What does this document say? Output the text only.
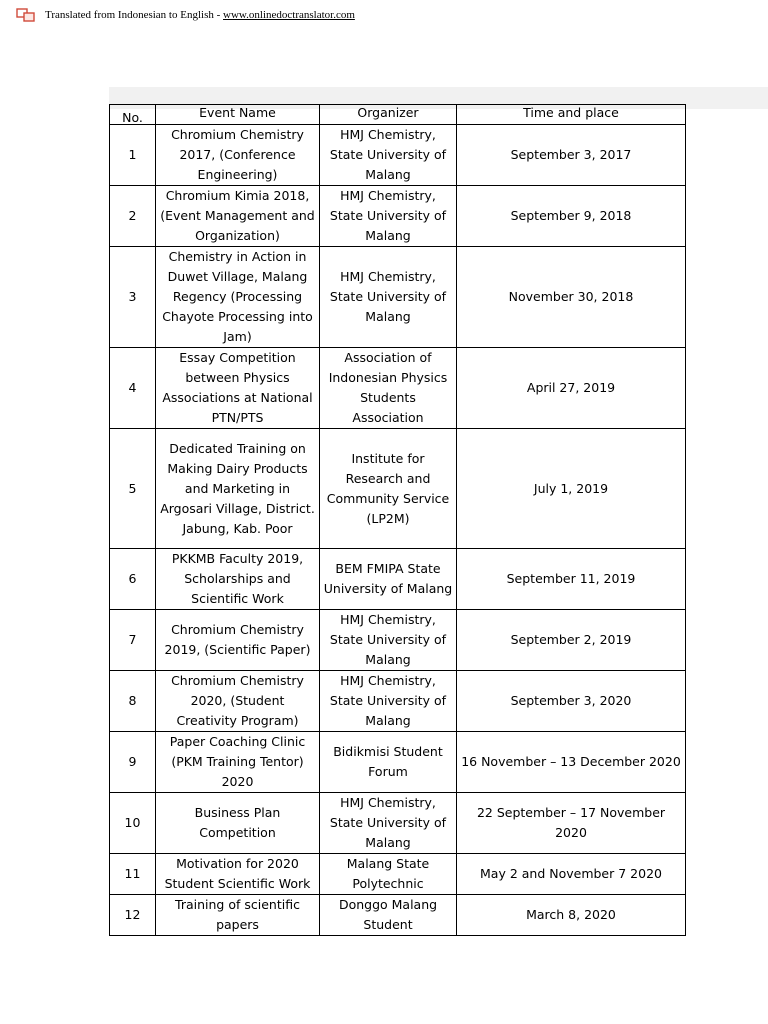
Translated from Indonesian to English -
www.onlinedoctranslator.com
No.	Event Name	Organizer	Time and place

1	Chromium Chemistry 2017, (Conference Engineering)	HMJ Chemistry, State University of Malang	September 3, 2017
2	Chromium Kimia 2018, (Event Management and Organization)	HMJ Chemistry, State University of Malang	September 9, 2018
3	Chemistry in Action in Duwet Village, Malang Regency (Processing Chayote Processing into Jam)	HMJ Chemistry, State University of Malang	November 30, 2018
4	Essay Competition between Physics Associations at National PTN/PTS	Association of Indonesian Physics Students Association	April 27, 2019
5	Dedicated Training on Making Dairy Products and Marketing in Argosari Village, District. Jabung, Kab. Poor	Institute for Research and Community Service (LP2M)	July 1, 2019
6	PKKMB Faculty 2019, Scholarships and Scientific Work	BEM FMIPA State University of Malang	September 11, 2019
7	Chromium Chemistry 2019, (Scientific Paper)	HMJ Chemistry, State University of Malang	September 2, 2019
8	Chromium Chemistry 2020, (Student Creativity Program)	HMJ Chemistry, State University of Malang	September 3, 2020
9	Paper Coaching Clinic (PKM Training Tentor) 2020	Bidikmisi Student Forum	16 November – 13 December 2020
10	Business Plan Competition	HMJ Chemistry, State University of Malang	22 September – 17 November 2020
11	Motivation for 2020 Student Scientific Work	Malang State Polytechnic	May 2 and November 7 2020
12	Training of scientific papers	Donggo Malang Student	March 8, 2020
